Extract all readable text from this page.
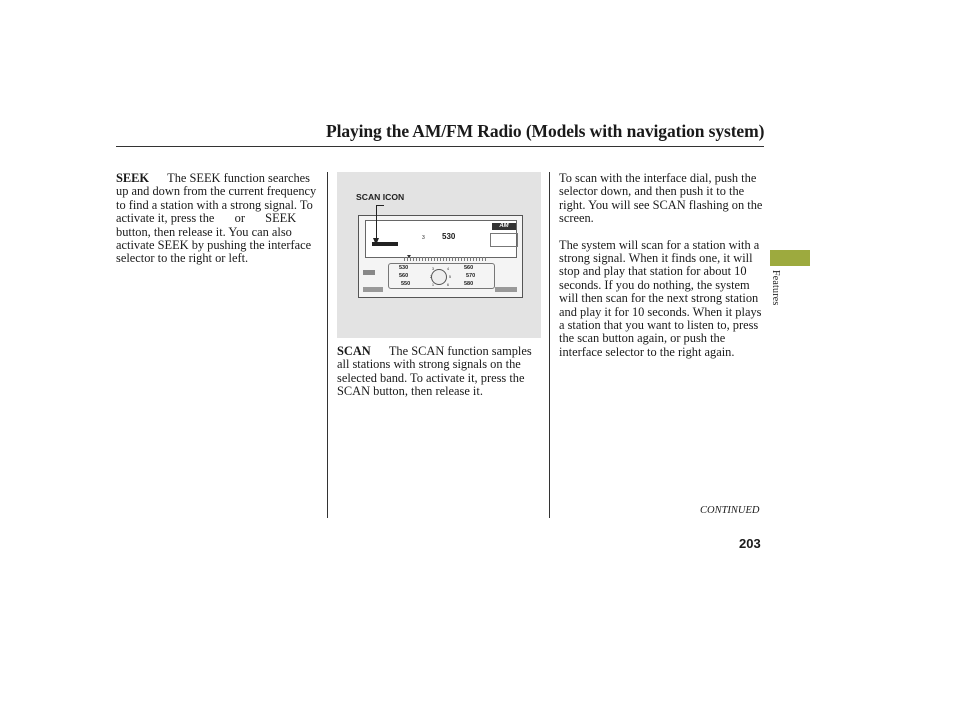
Playing the AM/FM Radio (Models with navigation system)

SEEK The SEEK function searches up and down from the current frequency to find a station with a strong signal. To activate it, press the or SEEK button, then release it. You can also activate SEEK by pushing the interface selector to the right or left.

SCAN ICON
3 530
AM
530	3
560
550	1
4	560
5	570
6	580

SCAN The SCAN function samples all stations with strong signals on the selected band. To activate it, press the SCAN button, then release it.

To scan with the interface dial, push the selector down, and then push it to the right. You will see SCAN flashing on the screen.

The system will scan for a station with a strong signal. When it finds one, it will stop and play that station for about 10 seconds. If you do nothing, the system will then scan for the next strong station and play it for 10 seconds. When it plays a station that you want to listen to, press the scan button again, or push the interface selector to the right again.

Features
CONTINUED
203
